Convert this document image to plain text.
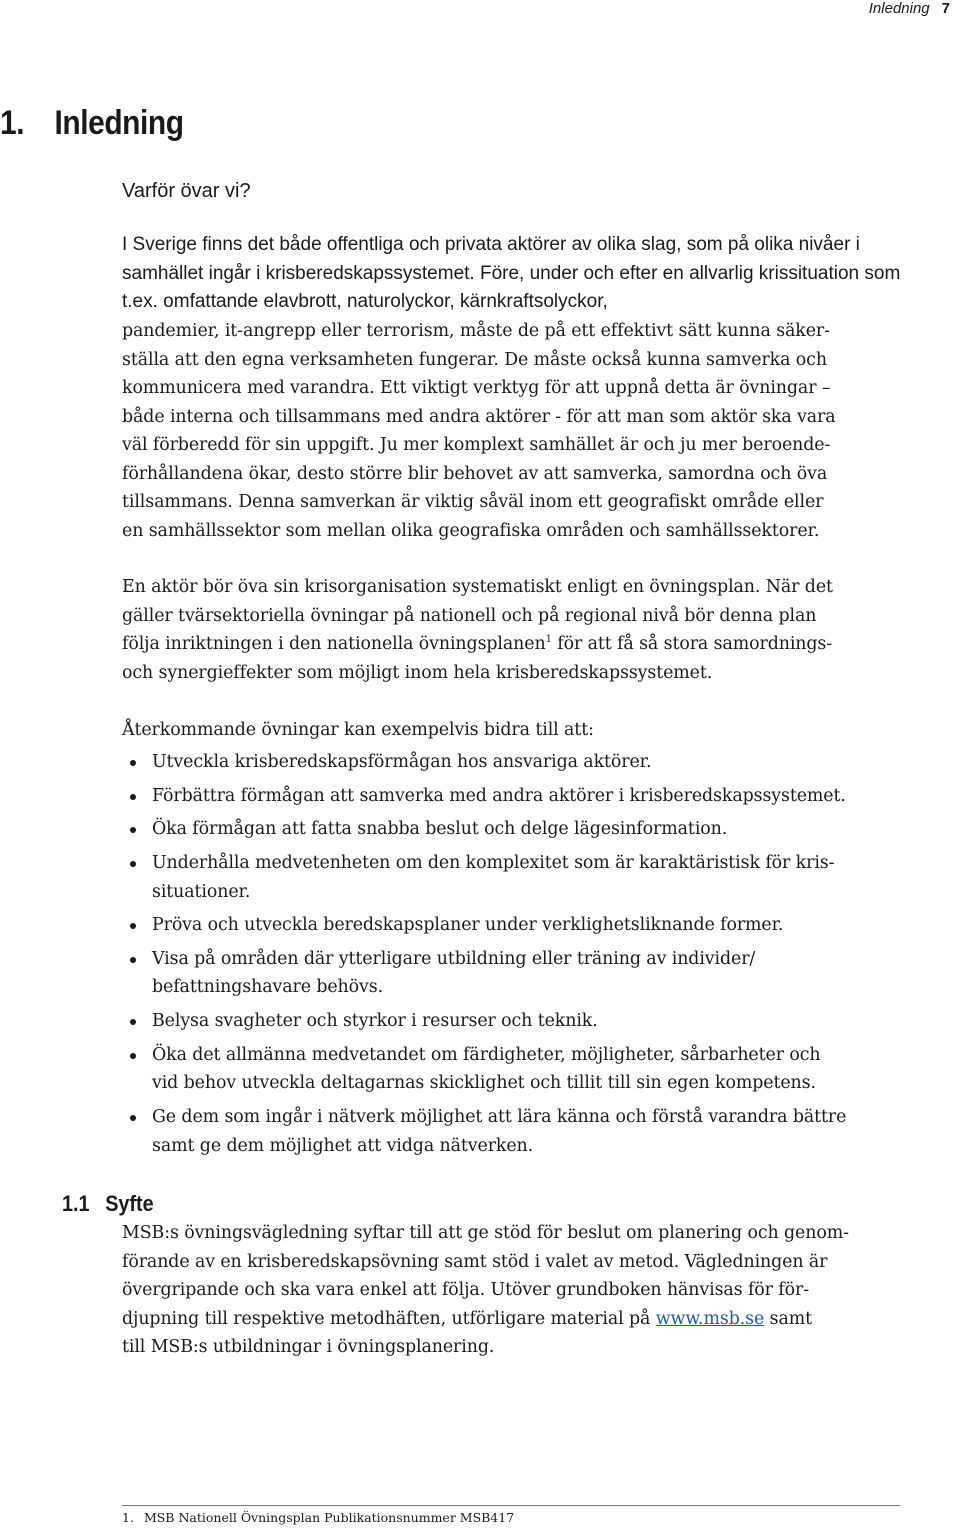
Inledning 7
1. Inledning
Varför övar vi?

I Sverige finns det både offentliga och privata aktörer av olika slag, som på olika nivåer i samhället ingår i krisberedskapssystemet. Före, under och efter en allvarlig krissituation som t.ex. omfattande elavbrott, naturolyckor, kärnkraftsolyckor,

pandemier, it-angrepp eller terrorism, måste de på ett effektivt sätt kunna säker-
ställa att den egna verksamheten fungerar. De måste också kunna samverka och
kommunicera med varandra. Ett viktigt verktyg för att uppnå detta är övningar –
både interna och tillsammans med andra aktörer - för att man som aktör ska vara
väl förberedd för sin uppgift. Ju mer komplext samhället är och ju mer beroende-
förhållandena ökar, desto större blir behovet av att samverka, samordna och öva
tillsammans. Denna samverkan är viktig såväl inom ett geografiskt område eller
en samhällssektor som mellan olika geografiska områden och samhällssektorer.
En aktör bör öva sin krisorganisation systematiskt enligt en övningsplan. När det
gäller tvärsektoriella övningar på nationell och på regional nivå bör denna plan
följa inriktningen i den nationella övningsplanen$^1$ för att få så stora samordnings-
och synergieffekter som möjligt inom hela krisberedskapssystemet.
Återkommande övningar kan exempelvis bidra till att:
Utveckla krisberedskapsförmågan hos ansvariga aktörer.
Förbättra förmågan att samverka med andra aktörer i krisberedskapssystemet.
Öka förmågan att fatta snabba beslut och delge lägesinformation.
Underhålla medvetenheten om den komplexitet som är karaktäristisk för kris-
situationer.
Pröva och utveckla beredskapsplaner under verklighetsliknande former.
Visa på områden där ytterligare utbildning eller träning av individer/
befattningshavare behövs.
Belysa svagheter och styrkor i resurser och teknik.
Öka det allmänna medvetandet om färdigheter, möjligheter, sårbarheter och
vid behov utveckla deltagarnas skicklighet och tillit till sin egen kompetens.
Ge dem som ingår i nätverk möjlighet att lära känna och förstå varandra bättre
samt ge dem möjlighet att vidga nätverken.
1.1 Syfte
MSB:s övningsvägledning syftar till att ge stöd för beslut om planering och genom-
förande av en krisberedskapsövning samt stöd i valet av metod. Vägledningen är
övergripande och ska vara enkel att följa. Utöver grundboken hänvisas för för-
djupning till respektive metodhäften, utförligare material på www.msb.se samt
till MSB:s utbildningar i övningsplanering.
1. MSB Nationell Övningsplan Publikationsnummer MSB417
